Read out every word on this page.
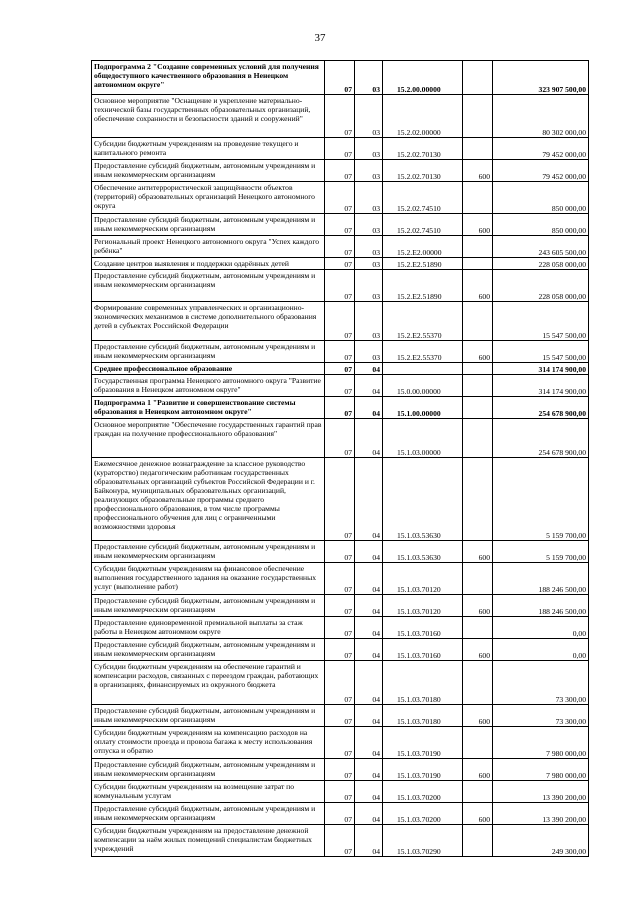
37
Подпрограмма 2 "Создание современных условий для получения общедоступного качественного образования в Ненецком автономном округе"	07	03	15.2.00.00000		323 907 500,00
Основное мероприятие "Оснащение и укрепление материально-технической базы государственных образовательных организаций, обеспечение сохранности и безопасности зданий и сооружений"	07	03	15.2.02.00000		80 302 000,00
Субсидии бюджетным учреждениям на проведение текущего и капитального ремонта	07	03	15.2.02.70130		79 452 000,00
Предоставление субсидий бюджетным, автономным учреждениям и иным некоммерческим организациям	07	03	15.2.02.70130	600	79 452 000,00
Обеспечение антитеррористической защищённости объектов (территорий) образовательных организаций Ненецкого автономного округа	07	03	15.2.02.74510		850 000,00
Предоставление субсидий бюджетным, автономным учреждениям и иным некоммерческим организациям	07	03	15.2.02.74510	600	850 000,00
Региональный проект Ненецкого автономного округа "Успех каждого ребёнка"	07	03	15.2.E2.00000		243 605 500,00
Создание центров выявления и поддержки одарённых детей	07	03	15.2.E2.51890		228 058 000,00
Предоставление субсидий бюджетным, автономным учреждениям и иным некоммерческим организациям	07	03	15.2.E2.51890	600	228 058 000,00
Формирование современных управленческих и организационно-экономических механизмов в системе дополнительного образования детей в субъектах Российской Федерации	07	03	15.2.E2.55370		15 547 500,00
Предоставление субсидий бюджетным, автономным учреждениям и иным некоммерческим организациям	07	03	15.2.E2.55370	600	15 547 500,00
Среднее профессиональное образование	07	04			314 174 900,00
Государственная программа Ненецкого автономного округа "Развитие образования в Ненецком автономном округе"	07	04	15.0.00.00000		314 174 900,00
Подпрограмма 1 "Развитие и совершенствование системы образования в Ненецком автономном округе"	07	04	15.1.00.00000		254 678 900,00
Основное мероприятие "Обеспечение государственных гарантий прав граждан на получение профессионального образования"	07	04	15.1.03.00000		254 678 900,00
Ежемесячное денежное вознаграждение за классное руководство (кураторство) педагогическим работникам государственных образовательных организаций субъектов Российской Федерации и г. Байконура, муниципальных образовательных организаций, реализующих образовательные программы среднего профессионального образования, в том числе программы профессионального обучения для лиц с ограниченными возможностями здоровья	07	04	15.1.03.53630		5 159 700,00
Предоставление субсидий бюджетным, автономным учреждениям и иным некоммерческим организациям	07	04	15.1.03.53630	600	5 159 700,00
Субсидии бюджетным учреждениям на финансовое обеспечение выполнения государственного задания на оказание государственных услуг (выполнение работ)	07	04	15.1.03.70120		188 246 500,00
Предоставление субсидий бюджетным, автономным учреждениям и иным некоммерческим организациям	07	04	15.1.03.70120	600	188 246 500,00
Предоставление единовременной премиальной выплаты за стаж работы в Ненецком автономном округе	07	04	15.1.03.70160		0,00
Предоставление субсидий бюджетным, автономным учреждениям и иным некоммерческим организациям	07	04	15.1.03.70160	600	0,00
Субсидии бюджетным учреждениям на обеспечение гарантий и компенсации расходов, связанных с переездом граждан, работающих в организациях, финансируемых из окружного бюджета	07	04	15.1.03.70180		73 300,00
Предоставление субсидий бюджетным, автономным учреждениям и иным некоммерческим организациям	07	04	15.1.03.70180	600	73 300,00
Субсидии бюджетным учреждениям на компенсацию расходов на оплату стоимости проезда и провоза багажа к месту использования отпуска и обратно	07	04	15.1.03.70190		7 980 000,00
Предоставление субсидий бюджетным, автономным учреждениям и иным некоммерческим организациям	07	04	15.1.03.70190	600	7 980 000,00
Субсидии бюджетным учреждениям на возмещение затрат по коммунальным услугам	07	04	15.1.03.70200		13 390 200,00
Предоставление субсидий бюджетным, автономным учреждениям и иным некоммерческим организациям	07	04	15.1.03.70200	600	13 390 200,00
Субсидии бюджетным учреждениям на предоставление денежной компенсации за наём жилых помещений специалистам бюджетных учреждений	07	04	15.1.03.70290		249 300,00
